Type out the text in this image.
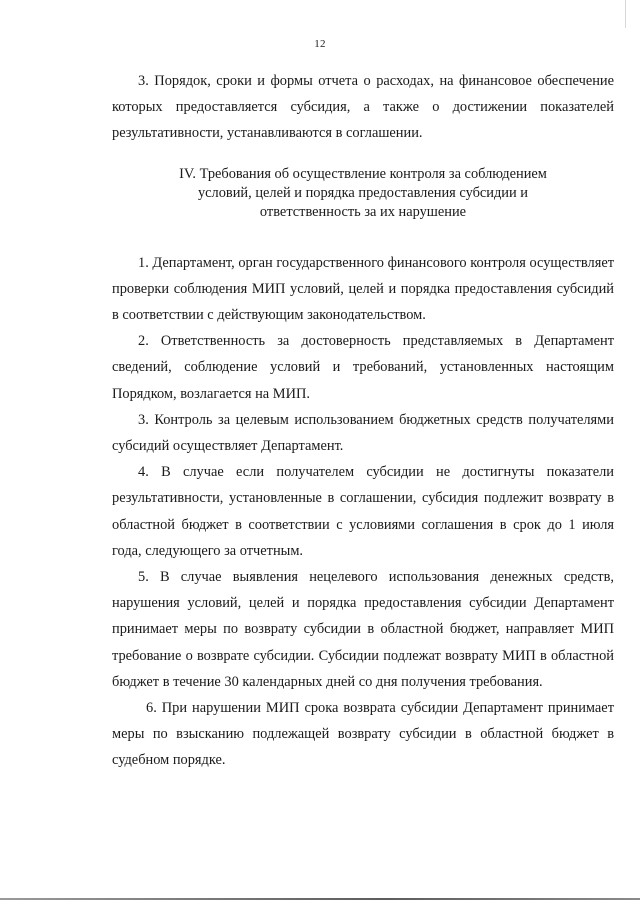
12

3. Порядок, сроки и формы отчета о расходах, на финансовое обеспечение которых предоставляется субсидия, а также о достижении показателей результативности, устанавливаются в соглашении.

IV. Требования об осуществление контроля за соблюдением
условий, целей и порядка предоставления субсидии и
ответственность за их нарушение

1. Департамент, орган государственного финансового контроля осуществляет проверки соблюдения МИП условий, целей и порядка предоставления субсидий в соответствии с действующим законодательством.

2. Ответственность за достоверность представляемых в Департамент сведений, соблюдение условий и требований, установленных настоящим Порядком, возлагается на МИП.

3. Контроль за целевым использованием бюджетных средств получателями субсидий осуществляет Департамент.

4. В случае если получателем субсидии не достигнуты показатели результативности, установленные в соглашении, субсидия подлежит возврату в областной бюджет в соответствии с условиями соглашения в срок до 1 июля года, следующего за отчетным.

5. В случае выявления нецелевого использования денежных средств, нарушения условий, целей и порядка предоставления субсидии Департамент принимает меры по возврату субсидии в областной бюджет, направляет МИП требование о возврате субсидии. Субсидии подлежат возврату МИП в областной бюджет в течение 30 календарных дней со дня получения требования.

6. При нарушении МИП срока возврата субсидии Департамент принимает меры по взысканию подлежащей возврату субсидии в областной бюджет в судебном порядке.
